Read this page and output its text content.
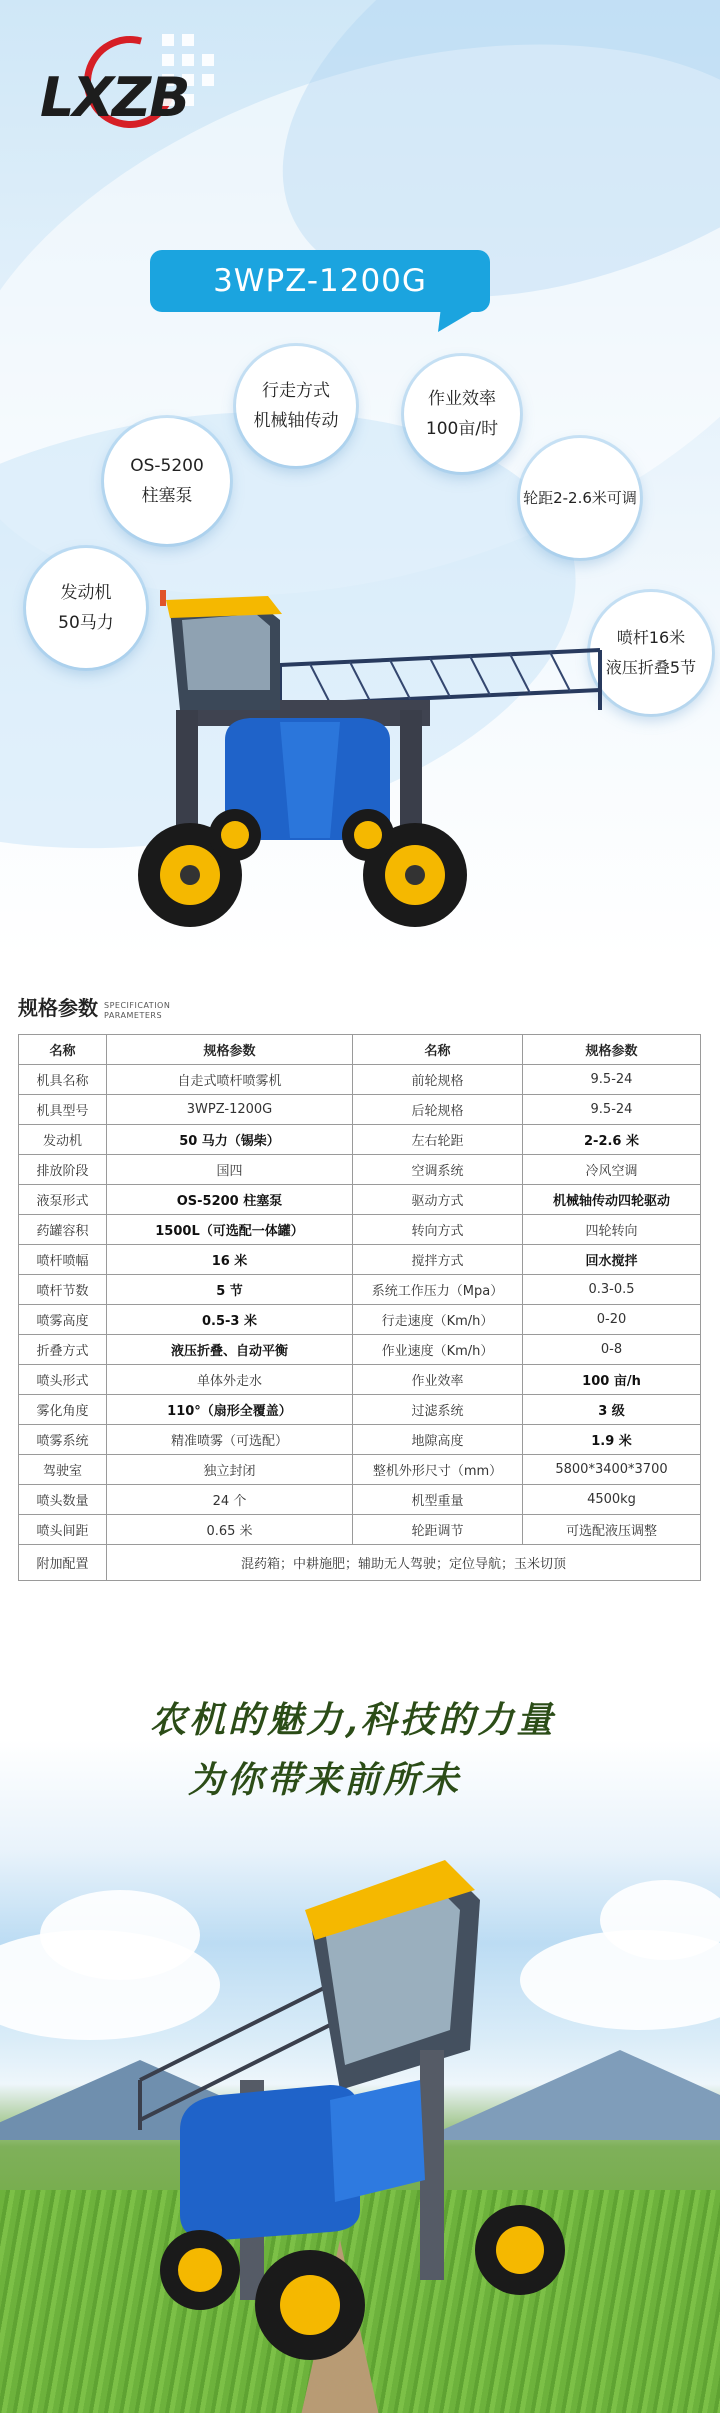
LXZB
3WPZ-1200G
行走方式
机械轴传动
作业效率
100亩/时
OS-5200
柱塞泵	轮距2-2.6米可调
发动机
50马力
喷杆16米
液压折叠5节
规格参数 SPECIFICATION
PARAMETERS
名称	规格参数	名称	规格参数
机具名称	自走式喷杆喷雾机	前轮规格	9.5-24
机具型号	3WPZ-1200G	后轮规格	9.5-24
发动机	50 马力（锡柴）	左右轮距	2-2.6 米
排放阶段	国四	空调系统	冷风空调
液泵形式	OS-5200 柱塞泵	驱动方式	机械轴传动四轮驱动
药罐容积	1500L（可选配一体罐）	转向方式	四轮转向
喷杆喷幅	16 米	搅拌方式	回水搅拌
喷杆节数	5 节	系统工作压力（Mpa）	0.3-0.5
喷雾高度	0.5-3 米	行走速度（Km/h）	0-20
折叠方式	液压折叠、自动平衡	作业速度（Km/h）	0-8
喷头形式	单体外走水	作业效率	100 亩/h
雾化角度	110°（扇形全覆盖）	过滤系统	3 级
喷雾系统	精准喷雾（可选配）	地隙高度	1.9 米
驾驶室	独立封闭	整机外形尺寸（mm）	5800*3400*3700
喷头数量	24 个	机型重量	4500kg
喷头间距	0.65 米	轮距调节	可选配液压调整
附加配置	混药箱；中耕施肥；辅助无人驾驶；定位导航；玉米切顶		
农机的魅力,科技的力量
为你带来前所未
